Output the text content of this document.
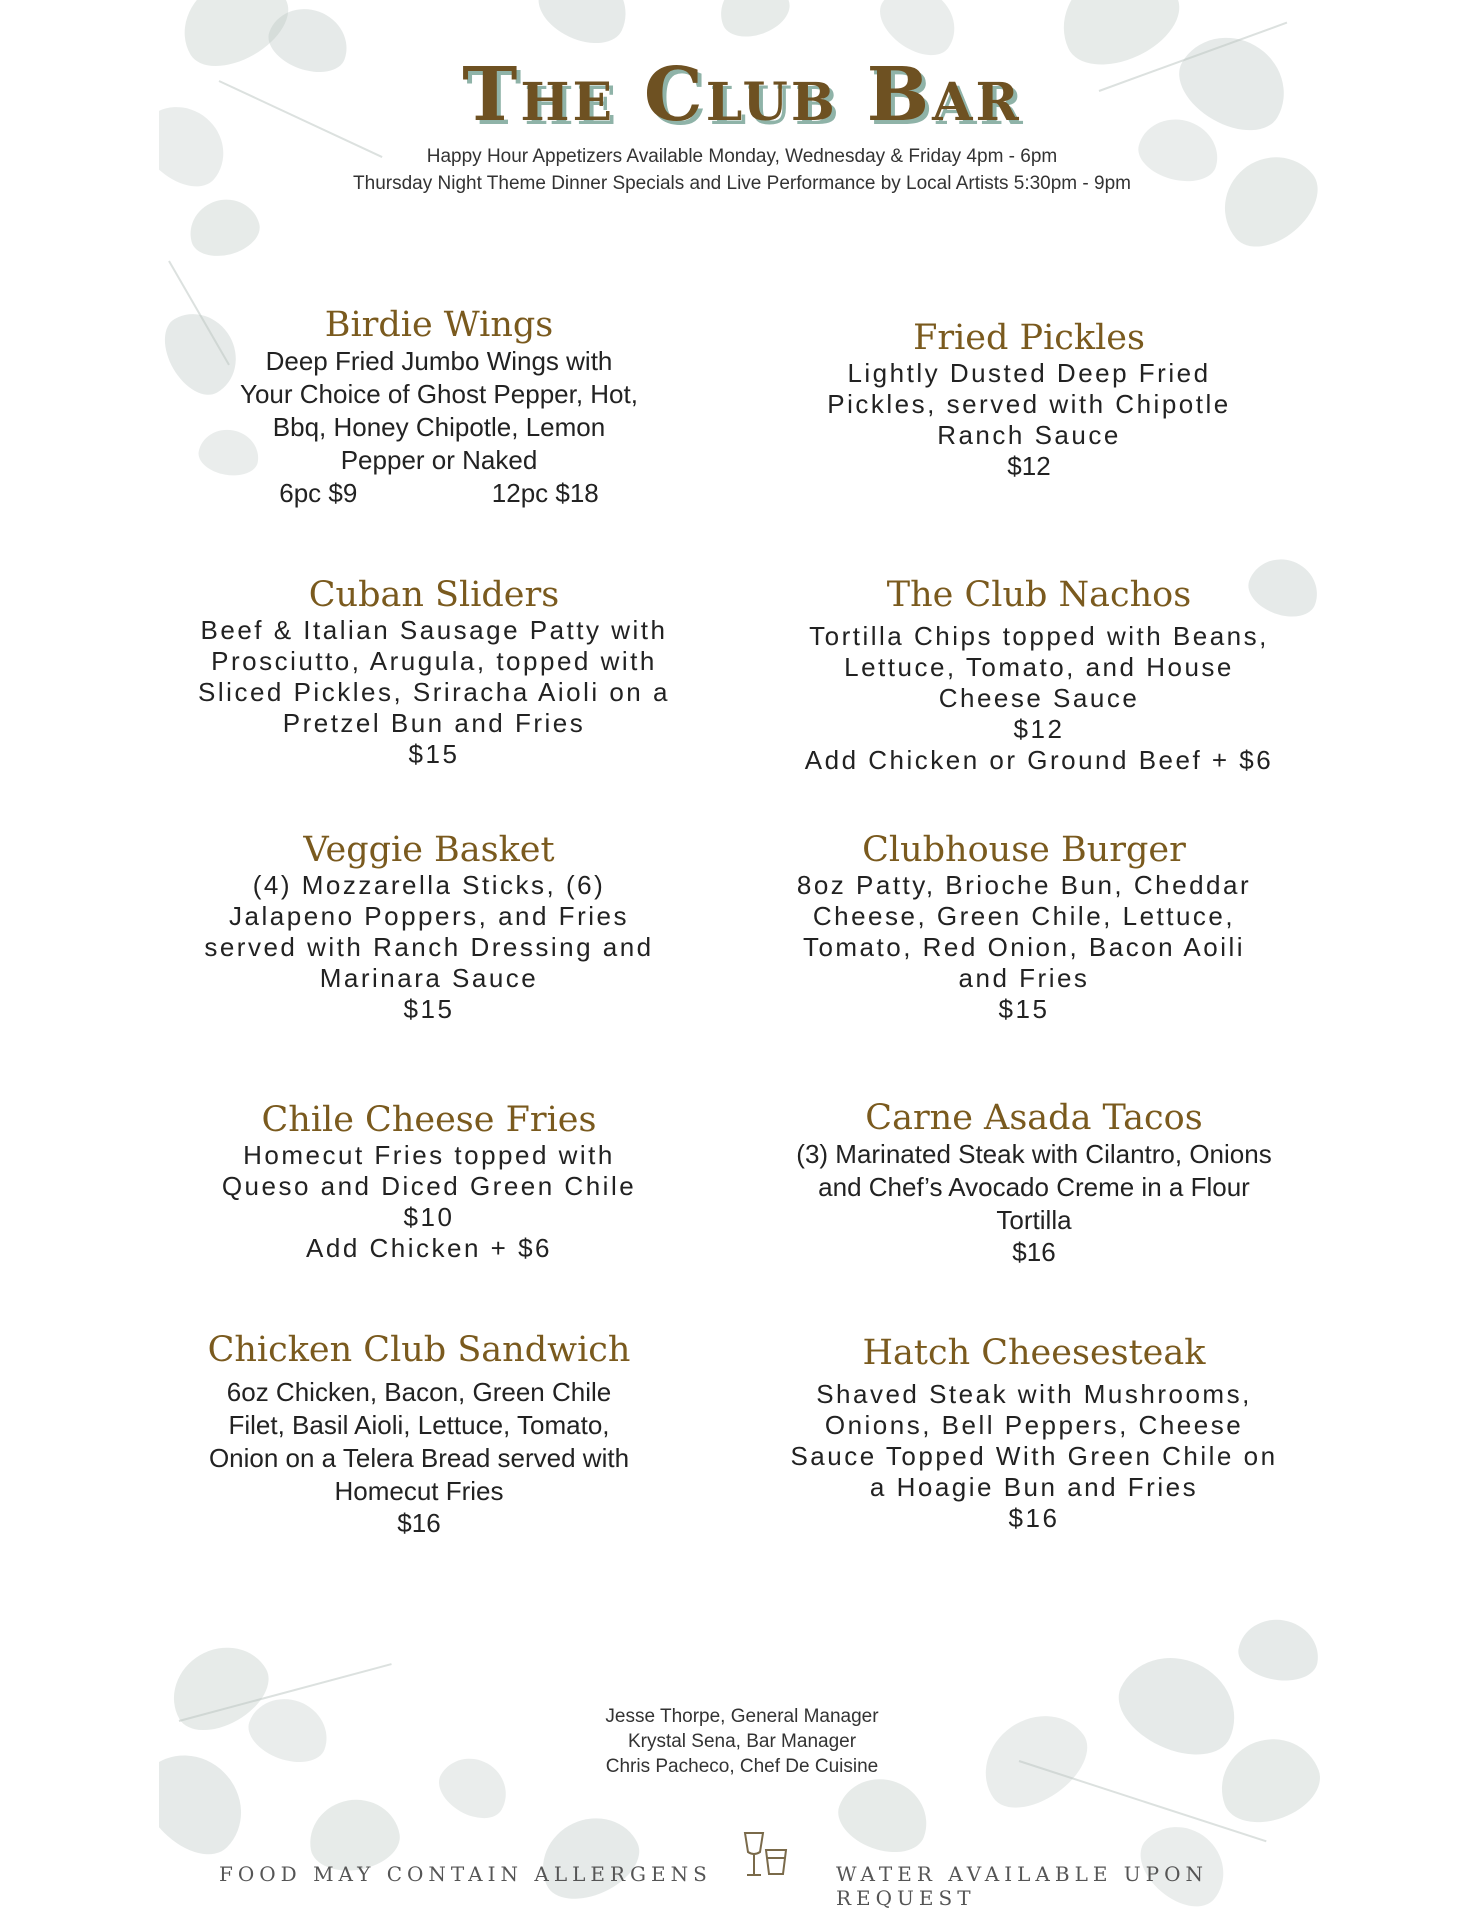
The Club Bar
Happy Hour Appetizers Available Monday, Wednesday & Friday 4pm - 6pm
Thursday Night Theme Dinner Specials and Live Performance by Local Artists 5:30pm - 9pm
Birdie Wings
Deep Fried Jumbo Wings with Your Choice of Ghost Pepper, Hot, Bbq, Honey Chipotle, Lemon Pepper or Naked
6pc $9	12pc $18
Cuban Sliders
Beef & Italian Sausage Patty with Prosciutto, Arugula, topped with Sliced Pickles, Sriracha Aioli on a Pretzel Bun and Fries
$15
Veggie Basket
(4) Mozzarella Sticks, (6) Jalapeno Poppers, and Fries served with Ranch Dressing and Marinara Sauce
$15
Chile Cheese Fries
Homecut Fries topped with Queso and Diced Green Chile
$10
Add Chicken + $6
Chicken Club Sandwich
6oz Chicken, Bacon, Green Chile Filet, Basil Aioli, Lettuce, Tomato, Onion on a Telera Bread served with Homecut Fries
$16
Fried Pickles
Lightly Dusted Deep Fried Pickles, served with Chipotle Ranch Sauce
$12
The Club Nachos
Tortilla Chips topped with Beans, Lettuce, Tomato, and House Cheese Sauce
$12
Add Chicken or Ground Beef + $6
Clubhouse Burger
8oz Patty, Brioche Bun, Cheddar Cheese, Green Chile, Lettuce, Tomato, Red Onion, Bacon Aoili and Fries
$15
Carne Asada Tacos
(3) Marinated Steak with Cilantro, Onions and Chef’s Avocado Creme in a Flour Tortilla
$16
Hatch Cheesesteak
Shaved Steak with Mushrooms, Onions, Bell Peppers, Cheese Sauce Topped With Green Chile on a Hoagie Bun and Fries
$16
Jesse Thorpe, General Manager
Krystal Sena, Bar Manager
Chris Pacheco, Chef De Cuisine
FOOD MAY CONTAIN ALLERGENS	WATER AVAILABLE UPON REQUEST
